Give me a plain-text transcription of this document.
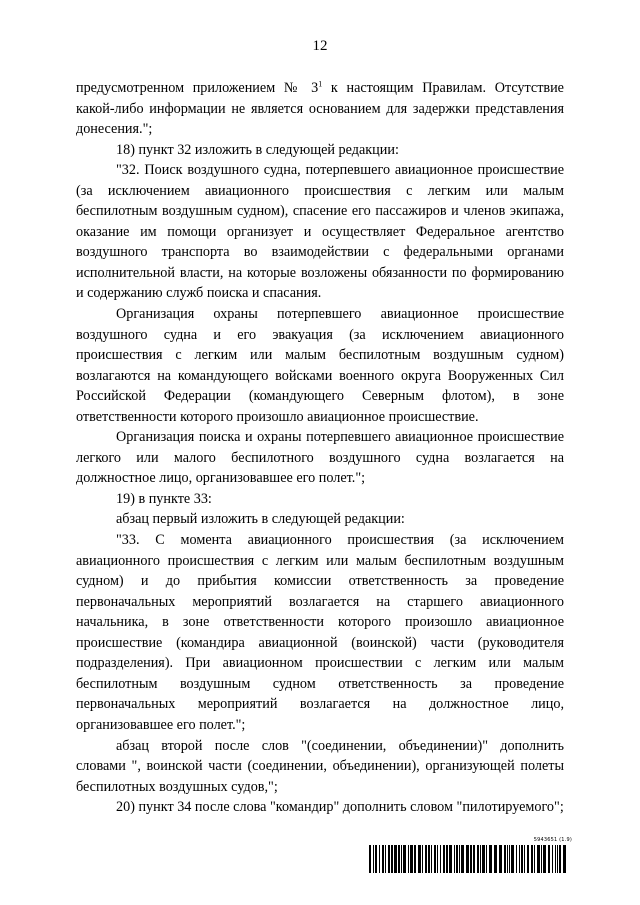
12

предусмотренном приложением № $3^1$ к настоящим Правилам. Отсутствие какой-либо информации не является основанием для задержки представления донесения.";

18) пункт 32 изложить в следующей редакции:

"32. Поиск воздушного судна, потерпевшего авиационное происшествие (за исключением авиационного происшествия с легким или малым беспилотным воздушным судном), спасение его пассажиров и членов экипажа, оказание им помощи организует и осуществляет Федеральное агентство воздушного транспорта во взаимодействии с федеральными органами исполнительной власти, на которые возложены обязанности по формированию и содержанию служб поиска и спасания.

Организация охраны потерпевшего авиационное происшествие воздушного судна и его эвакуация (за исключением авиационного происшествия с легким или малым беспилотным воздушным судном) возлагаются на командующего войсками военного округа Вооруженных Сил Российской Федерации (командующего Северным флотом), в зоне ответственности которого произошло авиационное происшествие.

Организация поиска и охраны потерпевшего авиационное происшествие легкого или малого беспилотного воздушного судна возлагается на должностное лицо, организовавшее его полет.";

19) в пункте 33:

абзац первый изложить в следующей редакции:

"33. С момента авиационного происшествия (за исключением авиационного происшествия с легким или малым беспилотным воздушным судном) и до прибытия комиссии ответственность за проведение первоначальных мероприятий возлагается на старшего авиационного начальника, в зоне ответственности которого произошло авиационное происшествие (командира авиационной (воинской) части (руководителя подразделения). При авиационном происшествии с легким или малым беспилотным воздушным судном ответственность за проведение первоначальных мероприятий возлагается на должностное лицо, организовавшее его полет.";

абзац второй после слов "(соединении, объединении)" дополнить словами ", воинской части (соединении, объединении), организующей полеты беспилотных воздушных судов,";

20) пункт 34 после слова "командир" дополнить словом "пилотируемого";

5943651 (1.9)
